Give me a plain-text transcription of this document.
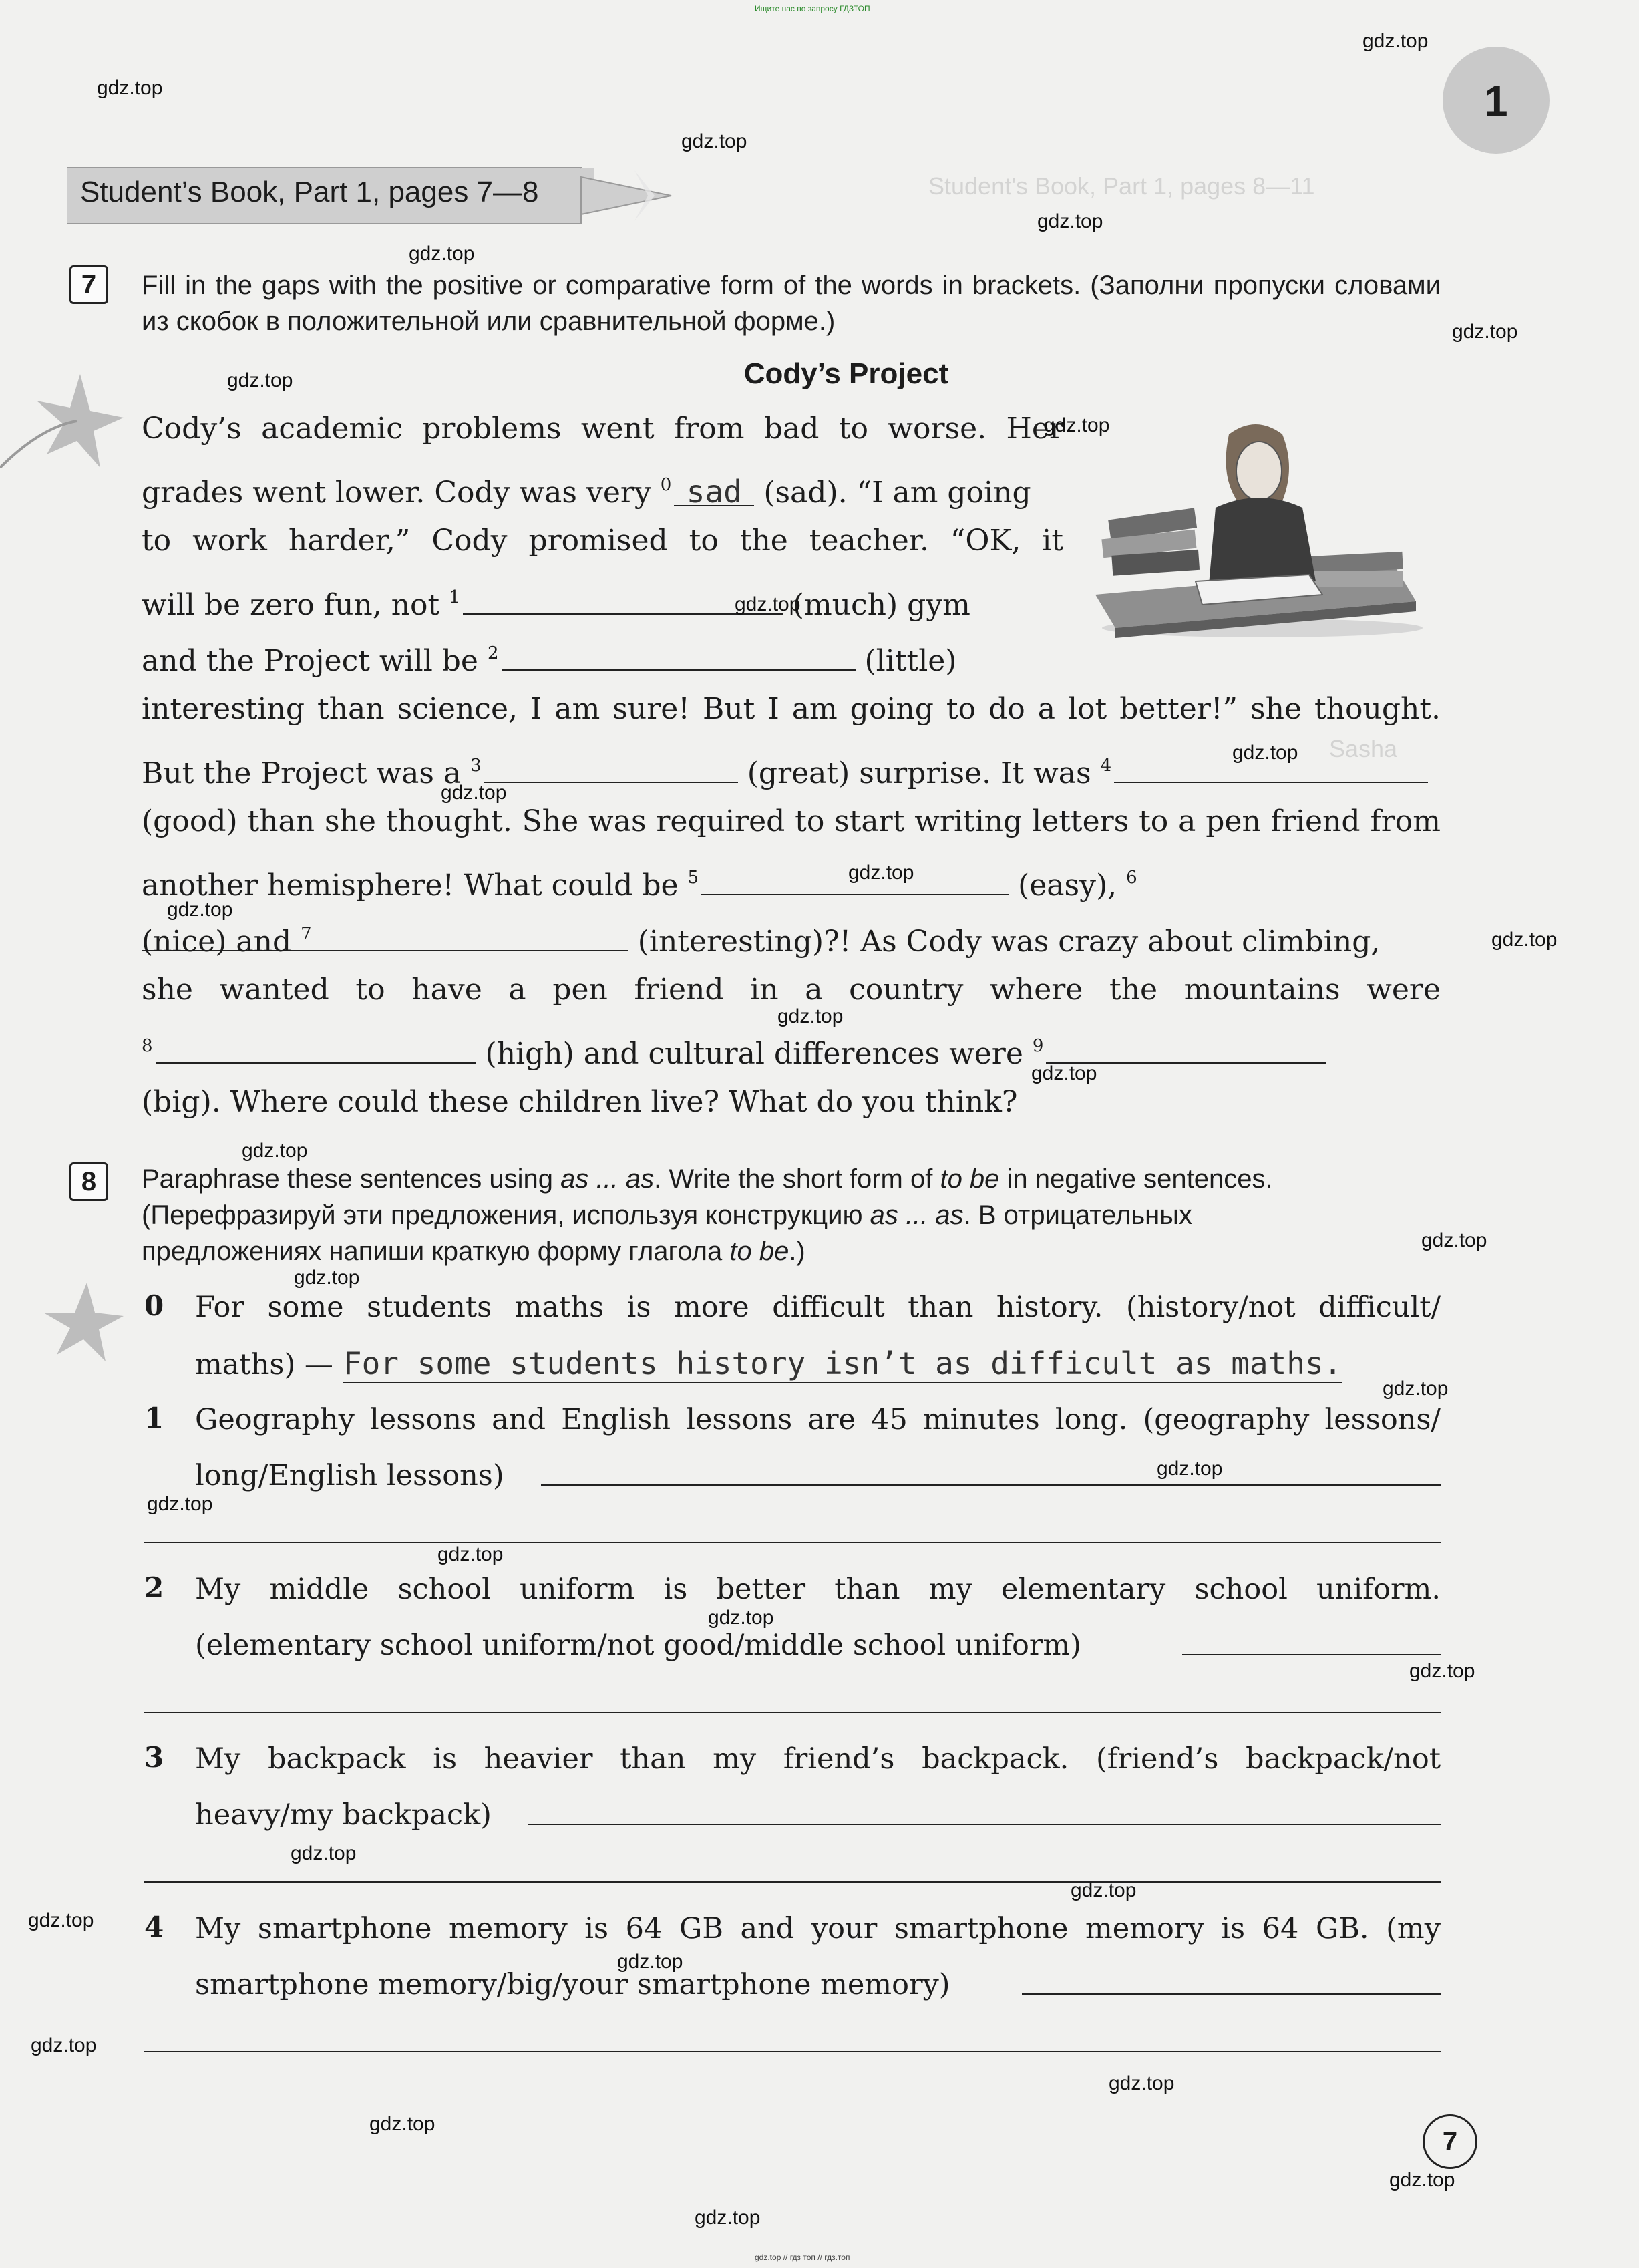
Student's Book, Part 1, pages 8—11
Sasha
Ищите нас по запросу ГДЗТОП
1
Student’s Book, Part 1, pages 7—8
7	Fill in the gaps with the positive or comparative form of the words in brackets. (Заполни пропуски словами из скобок в положительной или сравнительной форме.)
Cody’s Project
Cody’s academic problems went from bad to worse. Her
grades went lower. Cody was very $^0$ sad (sad). “I am going
to work harder,” Cody promised to the teacher. “OK, it
will be zero fun, not $^1$	(much) gym
and the Project will be $^2$	(little)
interesting than science, I am sure! But I am going to do a lot better!” she thought.
But the Project was a $^3$	(great) surprise. It was $^4$
(good) than she thought. She was required to start writing letters to a pen friend from
another hemisphere! What could be $^5$	(easy), $^6$
(nice) and $^7$	(interesting)?! As Cody was crazy about climbing,
she wanted to have a pen friend in a country where the mountains were
$^8$	(high) and cultural differences were $^9$
(big). Where could these children live? What do you think?
8	Paraphrase these sentences using as ... as. Write the short form of to be in negative sentences.
(Перефразируй эти предложения, используя конструкцию as ... as. В отрицательных
предложениях напиши краткую форму глагола to be.)
0 For some students maths is more difficult than history. (history/not difficult/
maths) — For some students history isn’t as difficult as maths.
1 Geography lessons and English lessons are 45 minutes long. (geography lessons/
long/English lessons)
2 My middle school uniform is better than my elementary school uniform.
(elementary school uniform/not good/middle school uniform)
3 My backpack is heavier than my friend’s backpack. (friend’s backpack/not
heavy/my backpack)
4 My smartphone memory is 64 GB and your smartphone memory is 64 GB. (my
smartphone memory/big/your smartphone memory)
7
gdz.top // гдз топ // гдз.топ
gdz.top
gdz.top
gdz.top
gdz.top
gdz.top
gdz.top
gdz.top
gdz.top
gdz.top
gdz.top
gdz.top
gdz.top
gdz.top
gdz.top
gdz.top
gdz.top
gdz.top
gdz.top
gdz.top
gdz.top
gdz.top
gdz.top
gdz.top
gdz.top
gdz.top
gdz.top
gdz.top
gdz.top
gdz.top
gdz.top
gdz.top
gdz.top
gdz.top
gdz.top
